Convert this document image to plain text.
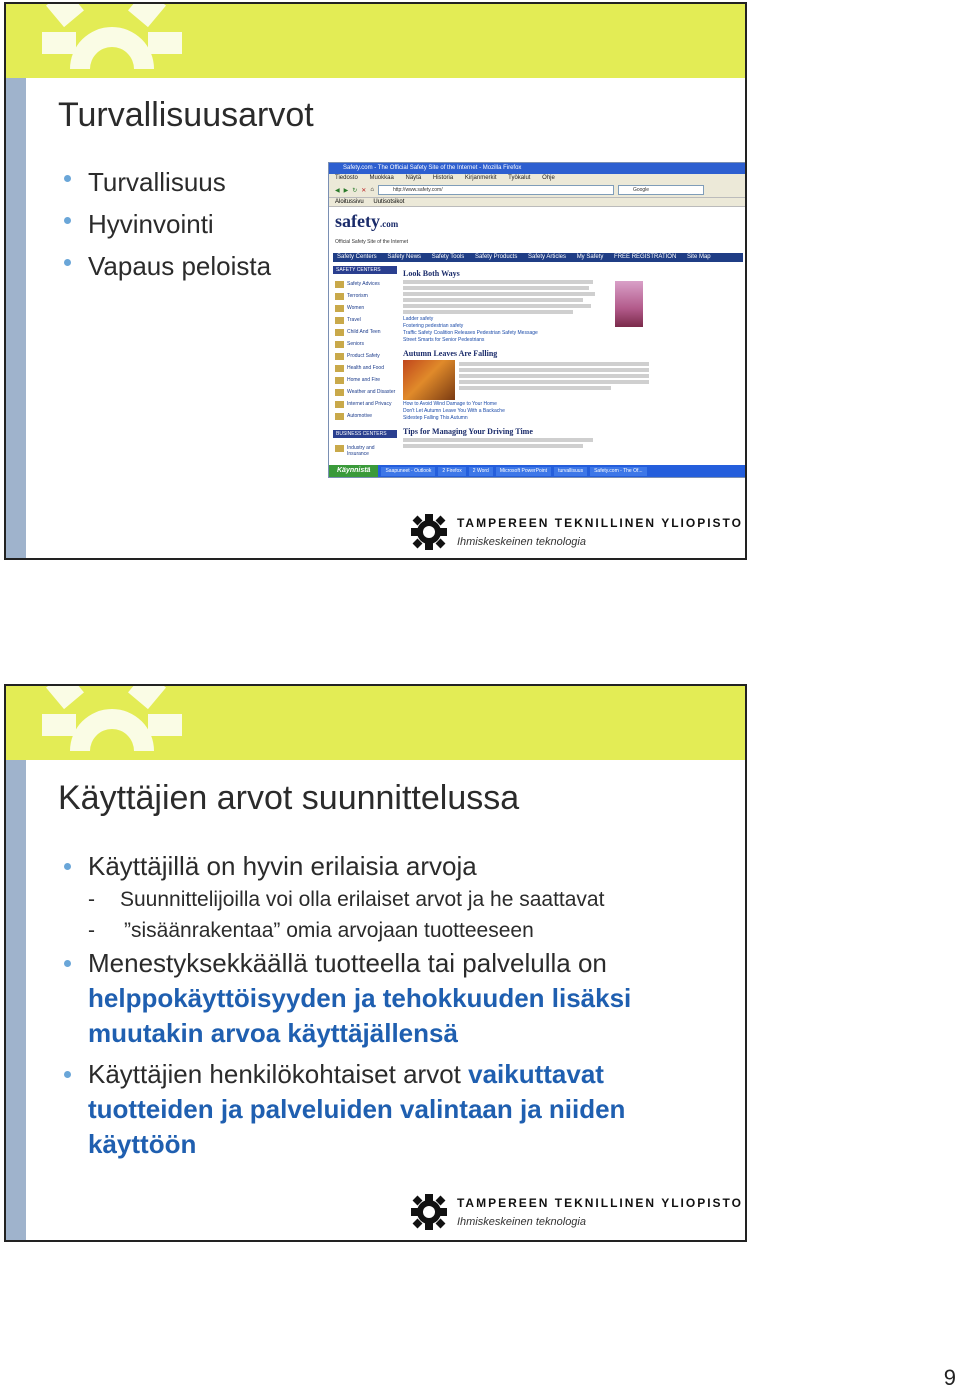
Turvallisuusarvot
Turvallisuus
Hyvinvointi
Vapaus peloista
Safety.com - The Official Safety Site of the Internet - Mozilla Firefox
Tiedosto Muokkaa Näytä Historia Kirjanmerkit Työkalut Ohje
◀ ▶ ↻ ✕ ⌂	http://www.safety.com/	Google
Aloitussivu Uutisotsikot
safety.com
Official Safety Site of the Internet
Safety Centers Safety News Safety Tools Safety Products Safety Articles My Safety FREE REGISTRATION Site Map
SAFETY CENTERS
Safety Advices
Terrorism
Women
Travel
Child And Teen
Seniors
Product Safety
Health and Food
Home and Fire
Weather and Disaster
Internet and Privacy
Automotive
BUSINESS CENTERS
Industry and Insurance
Look Both Ways
Ladder safety
Fostering pedestrian safety
Traffic Safety Coalition Releases Pedestrian Safety Message
Street Smarts for Senior Pedestrians
Autumn Leaves Are Falling
How to Avoid Wind Damage to Your Home
Don't Let Autumn Leave You With a Backache
Sidestep Falling This Autumn
Tips for Managing Your Driving Time
Käynnistä	Saapuneet - Outlook	2 Firefox	2 Word	Microsoft PowerPoint	turvallisuus	Safety.com - The Of...
TAMPEREEN TEKNILLINEN YLIOPISTO
Ihmiskeskeinen teknologia
Käyttäjien arvot suunnittelussa
Käyttäjillä on hyvin erilaisia arvoja
- Suunnittelijoilla voi olla erilaiset arvot ja he saattavat
- ”sisäänrakentaa” omia arvojaan tuotteeseen
Menestyksekkäällä tuotteella tai palvelulla on helppokäyttöisyyden ja tehokkuuden lisäksi muutakin arvoa käyttäjällensä
Käyttäjien henkilökohtaiset arvot vaikuttavat tuotteiden ja palveluiden valintaan ja niiden käyttöön
TAMPEREEN TEKNILLINEN YLIOPISTO
Ihmiskeskeinen teknologia
9
